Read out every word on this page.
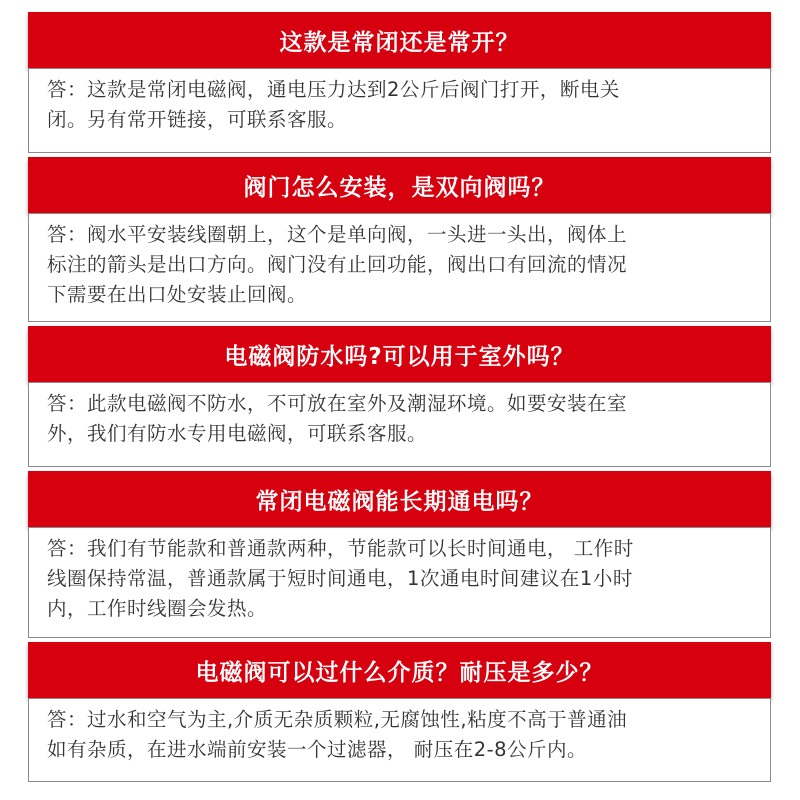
这款是常闭还是常开？
答：这款是常闭电磁阀，通电压力达到2公斤后阀门打开，断电关
闭。另有常开链接，可联系客服。
阀门怎么安装，是双向阀吗？
答：阀水平安装线圈朝上，这个是单向阀，一头进一头出，阀体上
标注的箭头是出口方向。阀门没有止回功能，阀出口有回流的情况
下需要在出口处安装止回阀。
电磁阀防水吗?可以用于室外吗？
答：此款电磁阀不防水，不可放在室外及潮湿环境。如要安装在室
外，我们有防水专用电磁阀，可联系客服。
常闭电磁阀能长期通电吗？
答：我们有节能款和普通款两种，节能款可以长时间通电， 工作时
线圈保持常温，普通款属于短时间通电，1次通电时间建议在1小时
内，工作时线圈会发热。
电磁阀可以过什么介质？耐压是多少？
答：过水和空气为主,介质无杂质颗粒,无腐蚀性,粘度不高于普通油
如有杂质，在进水端前安装一个过滤器， 耐压在2-8公斤内。
